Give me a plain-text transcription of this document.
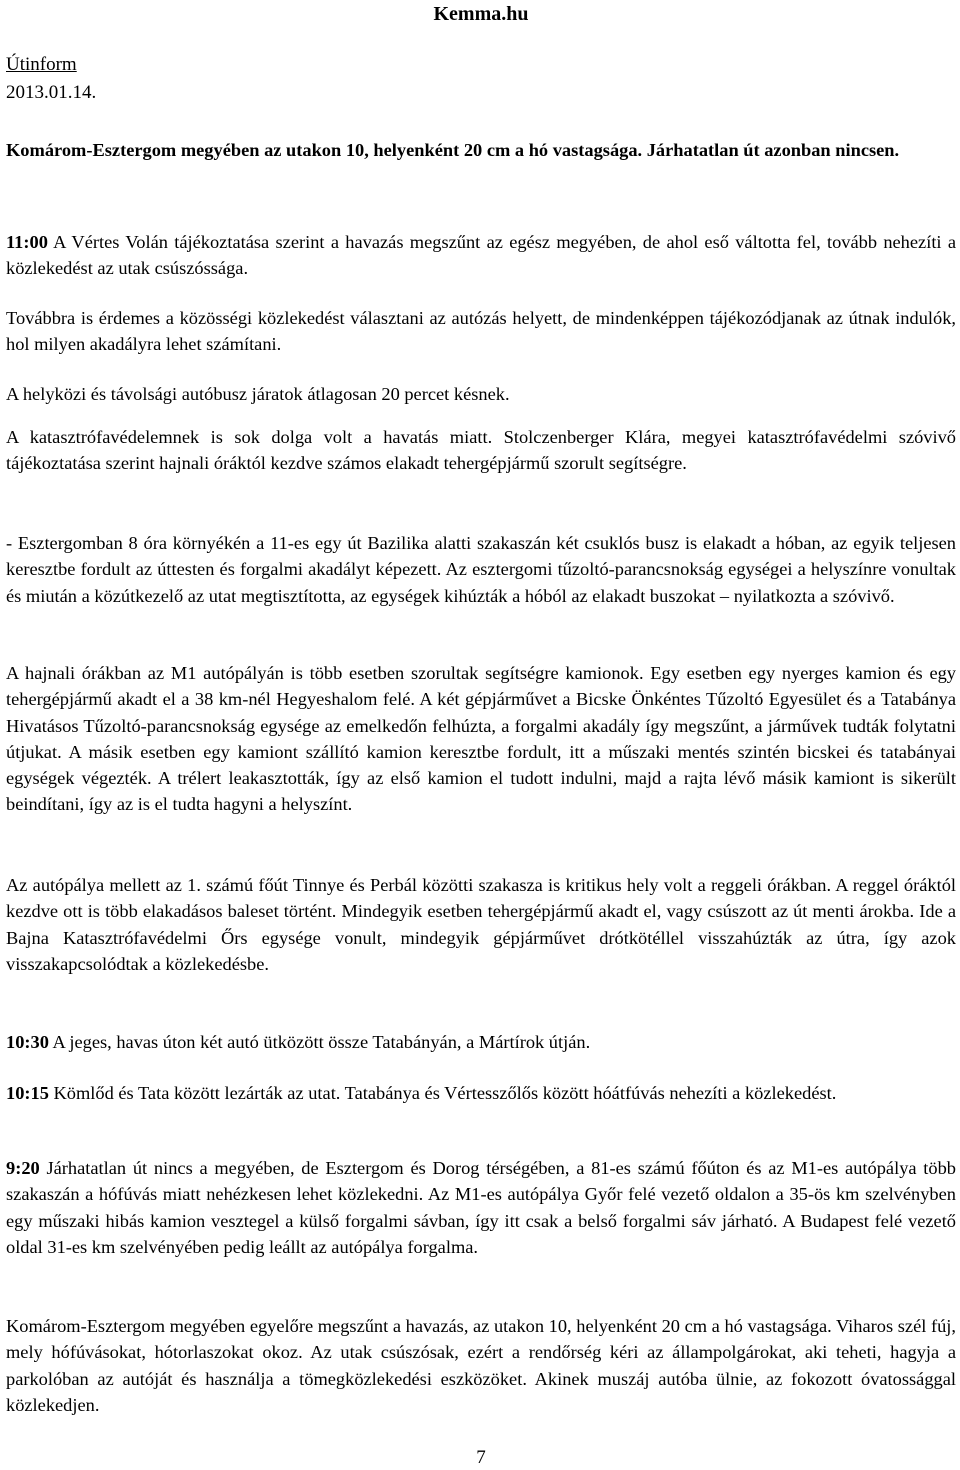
Kemma.hu
Útinform
2013.01.14.

Komárom-Esztergom megyében az utakon 10, helyenként 20 cm a hó vastagsága. Járhatatlan út azonban nincsen.

11:00 A Vértes Volán tájékoztatása szerint a havazás megszűnt az egész megyében, de ahol eső váltotta fel, tovább nehezíti a közlekedést az utak csúszóssága.

Továbbra is érdemes a közösségi közlekedést választani az autózás helyett, de mindenképpen tájékozódjanak az útnak indulók, hol milyen akadályra lehet számítani.

A helyközi és távolsági autóbusz járatok átlagosan 20 percet késnek.

A katasztrófavédelemnek is sok dolga volt a havatás miatt. Stolczenberger Klára, megyei katasztrófavédelmi szóvivő tájékoztatása szerint hajnali óráktól kezdve számos elakadt tehergépjármű szorult segítségre.

- Esztergomban 8 óra környékén a 11-es egy út Bazilika alatti szakaszán két csuklós busz is elakadt a hóban, az egyik teljesen keresztbe fordult az úttesten és forgalmi akadályt képezett. Az esztergomi tűzoltó-parancsnokság egységei a helyszínre vonultak és miután a közútkezelő az utat megtisztította, az egységek kihúzták a hóból az elakadt buszokat – nyilatkozta a szóvivő.

A hajnali órákban az M1 autópályán is több esetben szorultak segítségre kamionok. Egy esetben egy nyerges kamion és egy tehergépjármű akadt el a 38 km-nél Hegyeshalom felé. A két gépjárművet a Bicske Önkéntes Tűzoltó Egyesület és a Tatabánya Hivatásos Tűzoltó-parancsnokság egysége az emelkedőn felhúzta, a forgalmi akadály így megszűnt, a járművek tudták folytatni útjukat. A másik esetben egy kamiont szállító kamion keresztbe fordult, itt a műszaki mentés szintén bicskei és tatabányai egységek végezték. A trélert leakasztották, így az első kamion el tudott indulni, majd a rajta lévő másik kamiont is sikerült beindítani, így az is el tudta hagyni a helyszínt.

Az autópálya mellett az 1. számú főút Tinnye és Perbál közötti szakasza is kritikus hely volt a reggeli órákban. A reggel óráktól kezdve ott is több elakadásos baleset történt. Mindegyik esetben tehergépjármű akadt el, vagy csúszott az út menti árokba. Ide a Bajna Katasztrófavédelmi Őrs egysége vonult, mindegyik gépjárművet drótkötéllel visszahúzták az útra, így azok visszakapcsolódtak a közlekedésbe.

10:30 A jeges, havas úton két autó ütközött össze Tatabányán, a Mártírok útján.

10:15 Kömlőd és Tata között lezárták az utat. Tatabánya és Vértesszőlős között hóátfúvás nehezíti a közlekedést.

9:20 Járhatatlan út nincs a megyében, de Esztergom és Dorog térségében, a 81-es számú főúton és az M1-es autópálya több szakaszán a hófúvás miatt nehézkesen lehet közlekedni. Az M1-es autópálya Győr felé vezető oldalon a 35-ös km szelvényben egy műszaki hibás kamion vesztegel a külső forgalmi sávban, így itt csak a belső forgalmi sáv járható. A Budapest felé vezető oldal 31-es km szelvényében pedig leállt az autópálya forgalma.

Komárom-Esztergom megyében egyelőre megszűnt a havazás, az utakon 10, helyenként 20 cm a hó vastagsága. Viharos szél fúj, mely hófúvásokat, hótorlaszokat okoz. Az utak csúszósak, ezért a rendőrség kéri az állampolgárokat, aki teheti, hagyja a parkolóban az autóját és használja a tömegközlekedési eszközöket. Akinek muszáj autóba ülnie, az fokozott óvatossággal közlekedjen.

7
